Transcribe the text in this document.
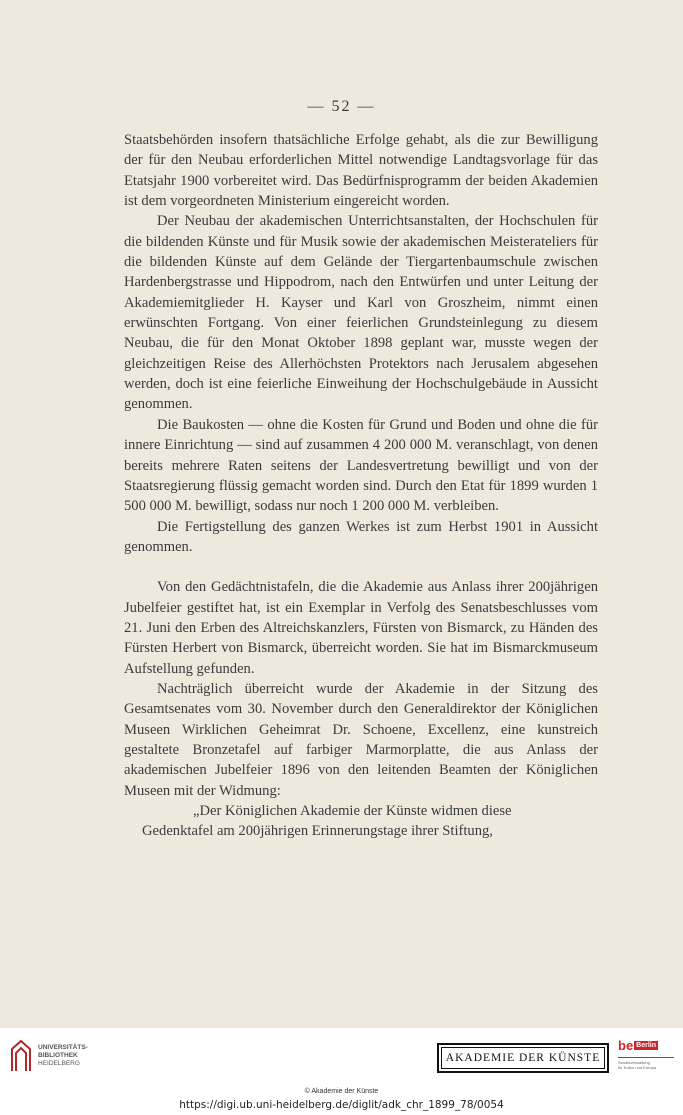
— 52 —

Staatsbehörden insofern thatsächliche Erfolge gehabt, als die zur Bewilligung der für den Neubau erforderlichen Mittel notwendige Landtagsvorlage für das Etatsjahr 1900 vorbereitet wird. Das Bedürfnisprogramm der beiden Akademien ist dem vorgeordneten Ministerium eingereicht worden.

Der Neubau der akademischen Unterrichtsanstalten, der Hochschulen für die bildenden Künste und für Musik sowie der akademischen Meisterateliers für die bildenden Künste auf dem Gelände der Tiergartenbaumschule zwischen Hardenbergstrasse und Hippodrom, nach den Entwürfen und unter Leitung der Akademiemitglieder H. Kayser und Karl von Groszheim, nimmt einen erwünschten Fortgang. Von einer feierlichen Grundsteinlegung zu diesem Neubau, die für den Monat Oktober 1898 geplant war, musste wegen der gleichzeitigen Reise des Allerhöchsten Protektors nach Jerusalem abgesehen werden, doch ist eine feierliche Einweihung der Hochschulgebäude in Aussicht genommen.

Die Baukosten — ohne die Kosten für Grund und Boden und ohne die für innere Einrichtung — sind auf zusammen 4 200 000 M. veranschlagt, von denen bereits mehrere Raten seitens der Landesvertretung bewilligt und von der Staatsregierung flüssig gemacht worden sind. Durch den Etat für 1899 wurden 1 500 000 M. bewilligt, sodass nur noch 1 200 000 M. verbleiben.

Die Fertigstellung des ganzen Werkes ist zum Herbst 1901 in Aussicht genommen.

Von den Gedächtnistafeln, die die Akademie aus Anlass ihrer 200jährigen Jubelfeier gestiftet hat, ist ein Exemplar in Verfolg des Senatsbeschlusses vom 21. Juni den Erben des Altreichskanzlers, Fürsten von Bismarck, zu Händen des Fürsten Herbert von Bismarck, überreicht worden. Sie hat im Bismarckmuseum Aufstellung gefunden.

Nachträglich überreicht wurde der Akademie in der Sitzung des Gesamtsenates vom 30. November durch den Generaldirektor der Königlichen Museen Wirklichen Geheimrat Dr. Schoene, Excellenz, eine kunstreich gestaltete Bronzetafel auf farbiger Marmorplatte, die aus Anlass der akademischen Jubelfeier 1896 von den leitenden Beamten der Königlichen Museen mit der Widmung:

„Der Königlichen Akademie der Künste widmen diese

Gedenktafel am 200jährigen Erinnerungstage ihrer Stiftung,

UNIVERSITÄTS-
BIBLIOTHEK
HEIDELBERG	AKADEMIE DER KÜNSTE
be Berlin
Senatsverwaltung
für Kultur und Europa
© Akademie der Künste
https://digi.ub.uni-heidelberg.de/diglit/adk_chr_1899_78/0054
